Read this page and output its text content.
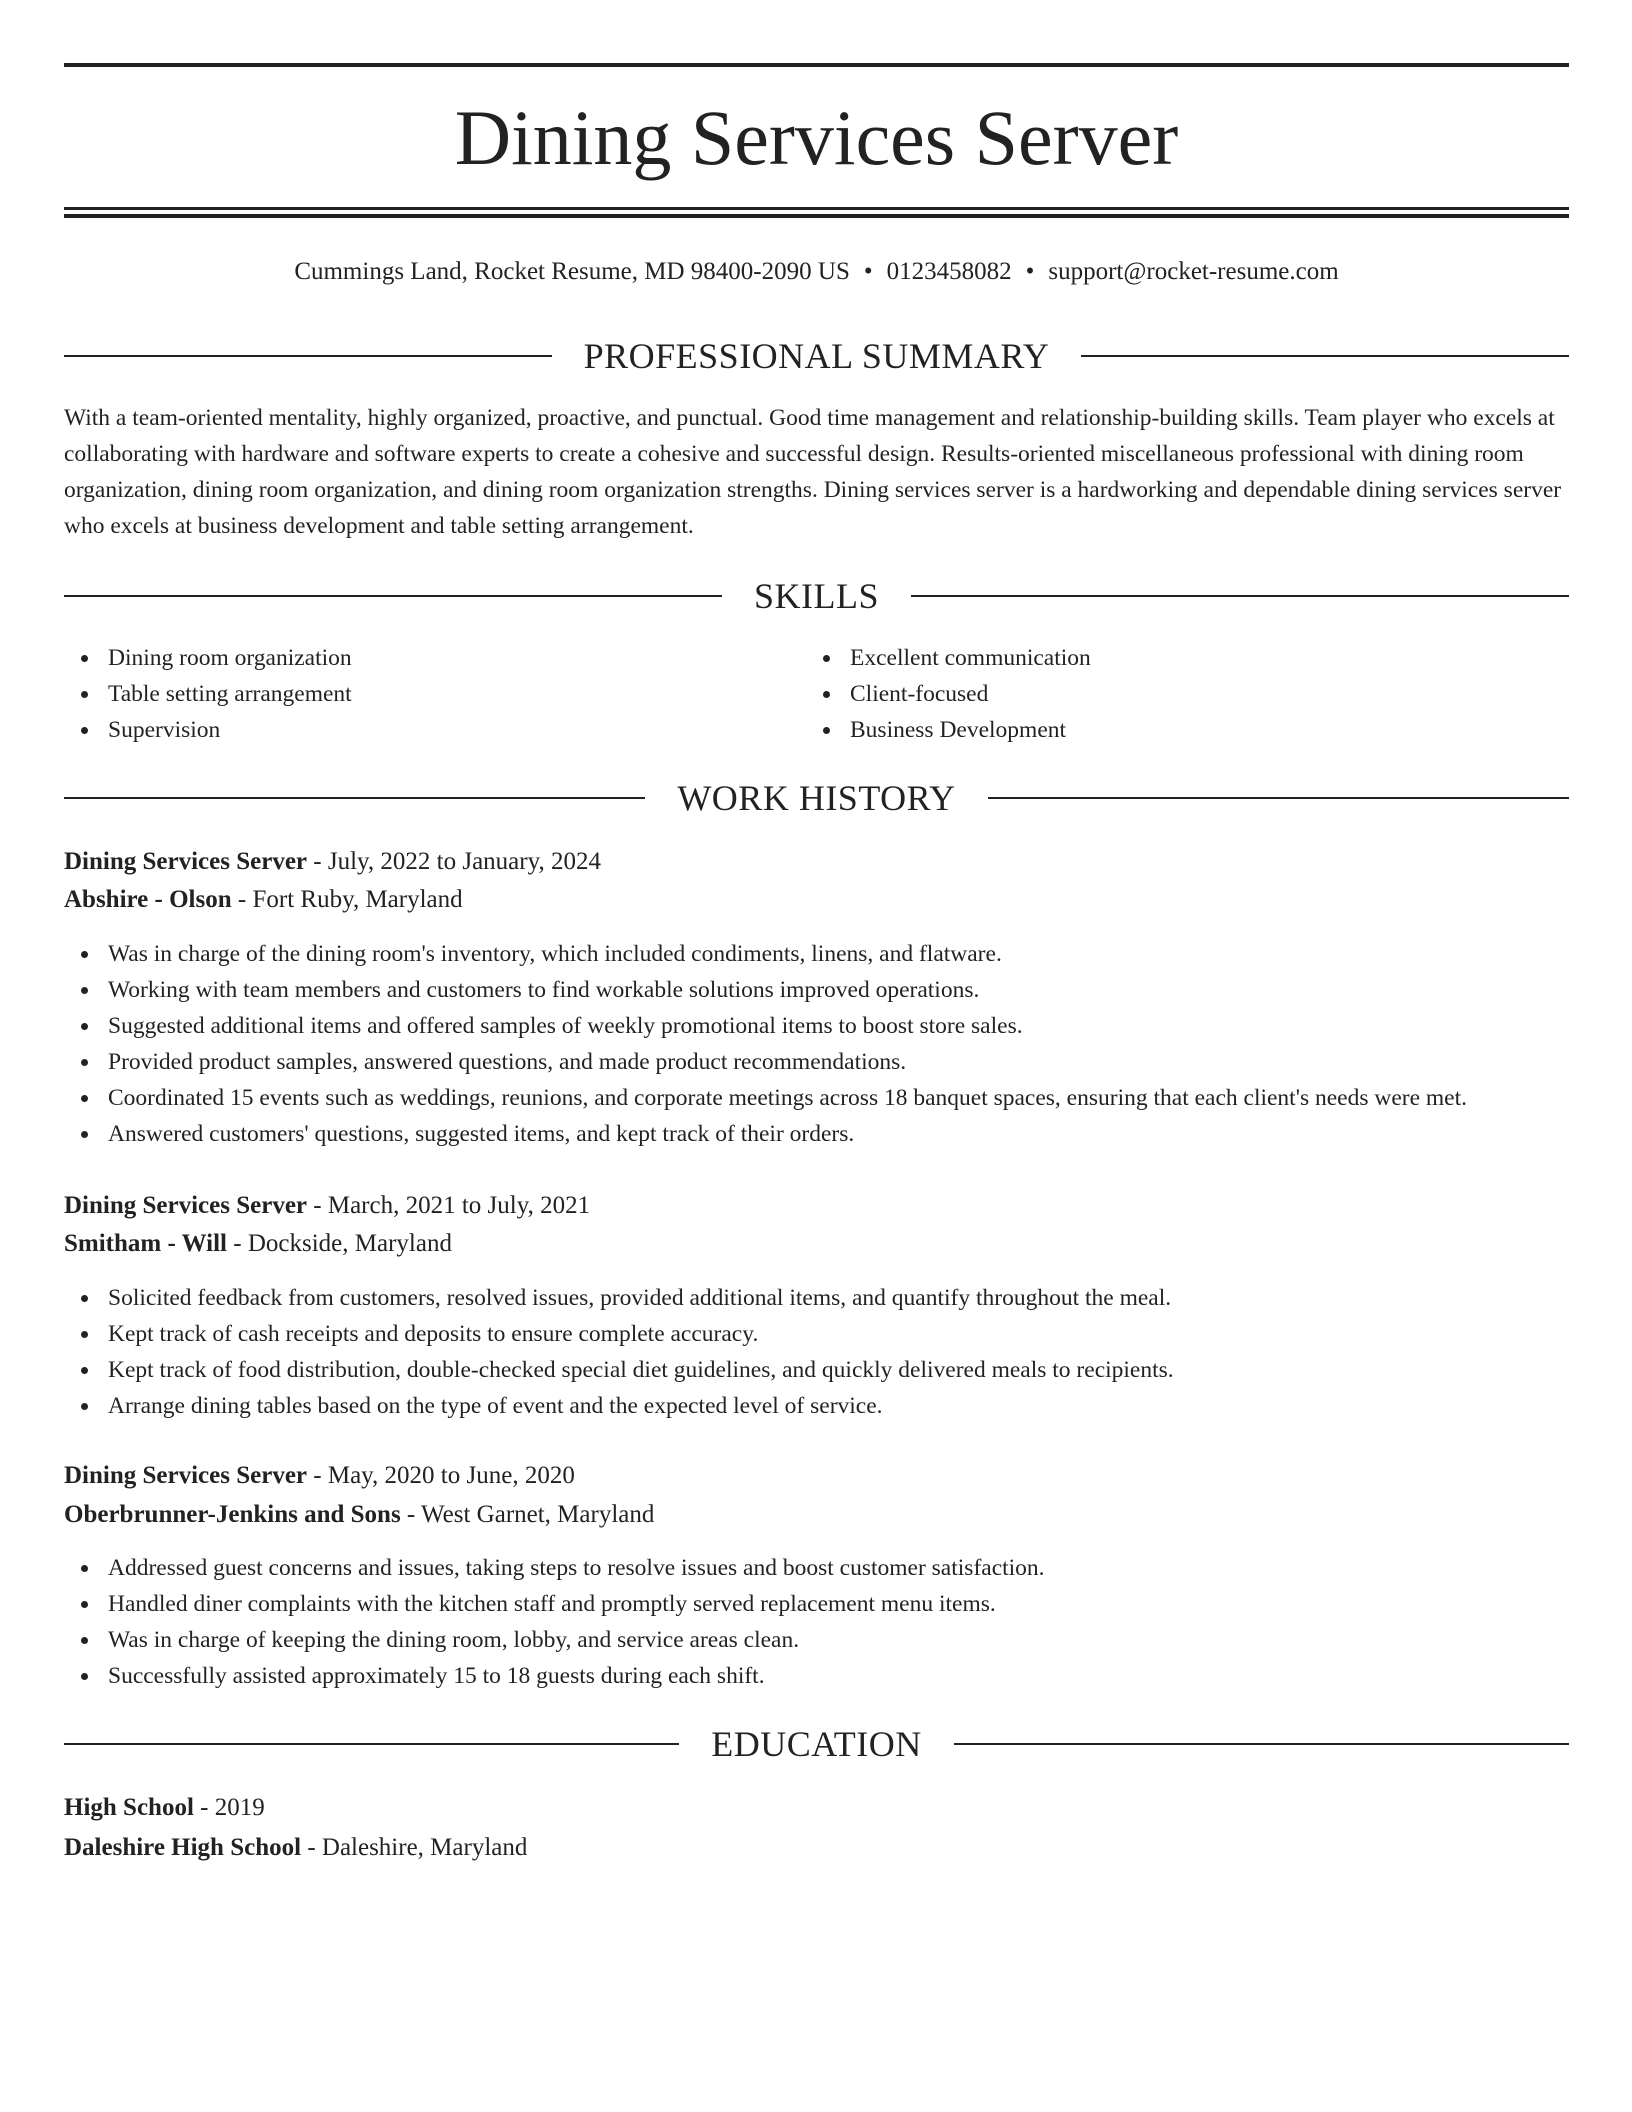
Dining Services Server
Cummings Land, Rocket Resume, MD 98400-2090 US • 0123458082 • support@rocket-resume.com
PROFESSIONAL SUMMARY

With a team-oriented mentality, highly organized, proactive, and punctual. Good time management and relationship-building skills. Team player who excels at collaborating with hardware and software experts to create a cohesive and successful design. Results-oriented miscellaneous professional with dining room organization, dining room organization, and dining room organization strengths. Dining services server is a hardworking and dependable dining services server who excels at business development and table setting arrangement.

SKILLS
Dining room organization
Table setting arrangement
Supervision
Excellent communication
Client-focused
Business Development
WORK HISTORY
Dining Services Server - July, 2022 to January, 2024
Abshire - Olson - Fort Ruby, Maryland
Was in charge of the dining room's inventory, which included condiments, linens, and flatware.
Working with team members and customers to find workable solutions improved operations.
Suggested additional items and offered samples of weekly promotional items to boost store sales.
Provided product samples, answered questions, and made product recommendations.
Coordinated 15 events such as weddings, reunions, and corporate meetings across 18 banquet spaces, ensuring that each client's needs were met.
Answered customers' questions, suggested items, and kept track of their orders.
Dining Services Server - March, 2021 to July, 2021
Smitham - Will - Dockside, Maryland
Solicited feedback from customers, resolved issues, provided additional items, and quantify throughout the meal.
Kept track of cash receipts and deposits to ensure complete accuracy.
Kept track of food distribution, double-checked special diet guidelines, and quickly delivered meals to recipients.
Arrange dining tables based on the type of event and the expected level of service.
Dining Services Server - May, 2020 to June, 2020
Oberbrunner-Jenkins and Sons - West Garnet, Maryland
Addressed guest concerns and issues, taking steps to resolve issues and boost customer satisfaction.
Handled diner complaints with the kitchen staff and promptly served replacement menu items.
Was in charge of keeping the dining room, lobby, and service areas clean.
Successfully assisted approximately 15 to 18 guests during each shift.
EDUCATION
High School - 2019
Daleshire High School - Daleshire, Maryland
